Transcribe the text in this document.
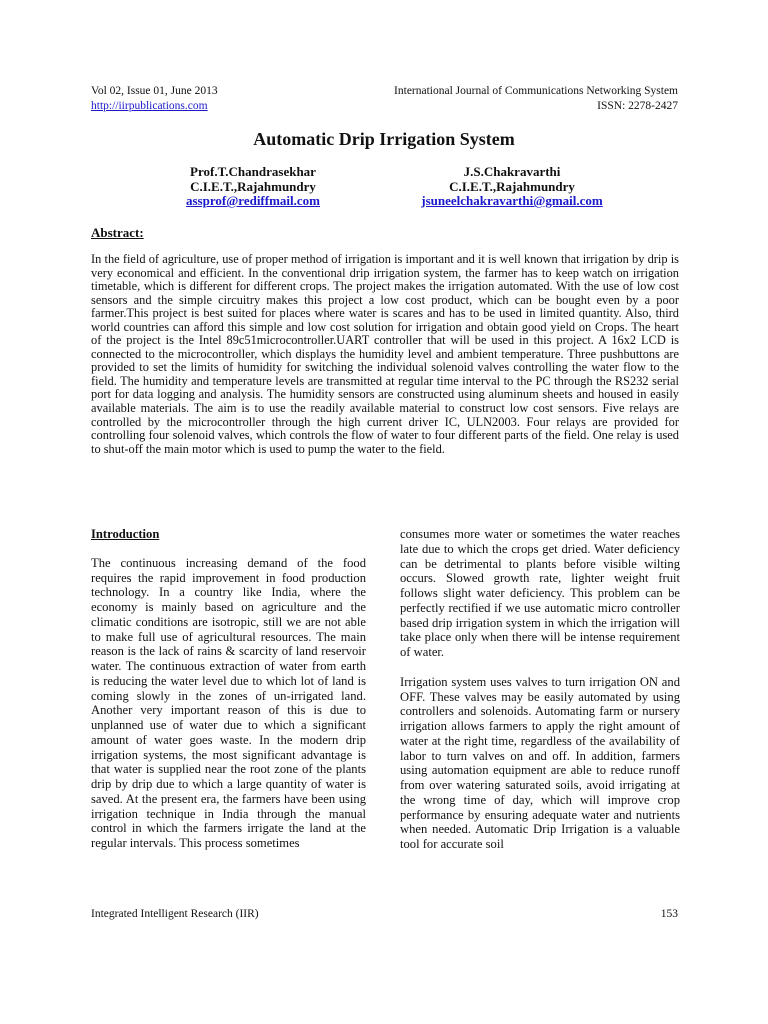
Vol 02, Issue 01, June 2013
http://iirpublications.com
International Journal of Communications Networking System
ISSN: 2278-2427
Automatic Drip Irrigation System
Prof.T.Chandrasekhar
C.I.E.T.,Rajahmundry
assprof@rediffmail.com
J.S.Chakravarthi
C.I.E.T.,Rajahmundry
jsuneelchakravarthi@gmail.com
Abstract:

In the field of agriculture, use of proper method of irrigation is important and it is well known that irrigation by drip is very economical and efficient. In the conventional drip irrigation system, the farmer has to keep watch on irrigation timetable, which is different for different crops. The project makes the irrigation automated. With the use of low cost sensors and the simple circuitry makes this project a low cost product, which can be bought even by a poor farmer.This project is best suited for places where water is scares and has to be used in limited quantity. Also, third world countries can afford this simple and low cost solution for irrigation and obtain good yield on Crops. The heart of the project is the Intel 89c51microcontroller.UART controller that will be used in this project. A 16x2 LCD is connected to the microcontroller, which displays the humidity level and ambient temperature. Three pushbuttons are provided to set the limits of humidity for switching the individual solenoid valves controlling the water flow to the field. The humidity and temperature levels are transmitted at regular time interval to the PC through the RS232 serial port for data logging and analysis. The humidity sensors are constructed using aluminum sheets and housed in easily available materials. The aim is to use the readily available material to construct low cost sensors. Five relays are controlled by the microcontroller through the high current driver IC, ULN2003. Four relays are provided for controlling four solenoid valves, which controls the flow of water to four different parts of the field. One relay is used to shut-off the main motor which is used to pump the water to the field.

Introduction

The continuous increasing demand of the food requires the rapid improvement in food production technology. In a country like India, where the economy is mainly based on agriculture and the climatic conditions are isotropic, still we are not able to make full use of agricultural resources. The main reason is the lack of rains & scarcity of land reservoir water. The continuous extraction of water from earth is reducing the water level due to which lot of land is coming slowly in the zones of un-irrigated land. Another very important reason of this is due to unplanned use of water due to which a significant amount of water goes waste. In the modern drip irrigation systems, the most significant advantage is that water is supplied near the root zone of the plants drip by drip due to which a large quantity of water is saved. At the present era, the farmers have been using irrigation technique in India through the manual control in which the farmers irrigate the land at the regular intervals. This process sometimes

consumes more water or sometimes the water reaches late due to which the crops get dried. Water deficiency can be detrimental to plants before visible wilting occurs. Slowed growth rate, lighter weight fruit follows slight water deficiency. This problem can be perfectly rectified if we use automatic micro controller based drip irrigation system in which the irrigation will take place only when there will be intense requirement of water.

Irrigation system uses valves to turn irrigation ON and OFF. These valves may be easily automated by using controllers and solenoids. Automating farm or nursery irrigation allows farmers to apply the right amount of water at the right time, regardless of the availability of labor to turn valves on and off. In addition, farmers using automation equipment are able to reduce runoff from over watering saturated soils, avoid irrigating at the wrong time of day, which will improve crop performance by ensuring adequate water and nutrients when needed. Automatic Drip Irrigation is a valuable tool for accurate soil

Integrated Intelligent Research (IIR)	153
